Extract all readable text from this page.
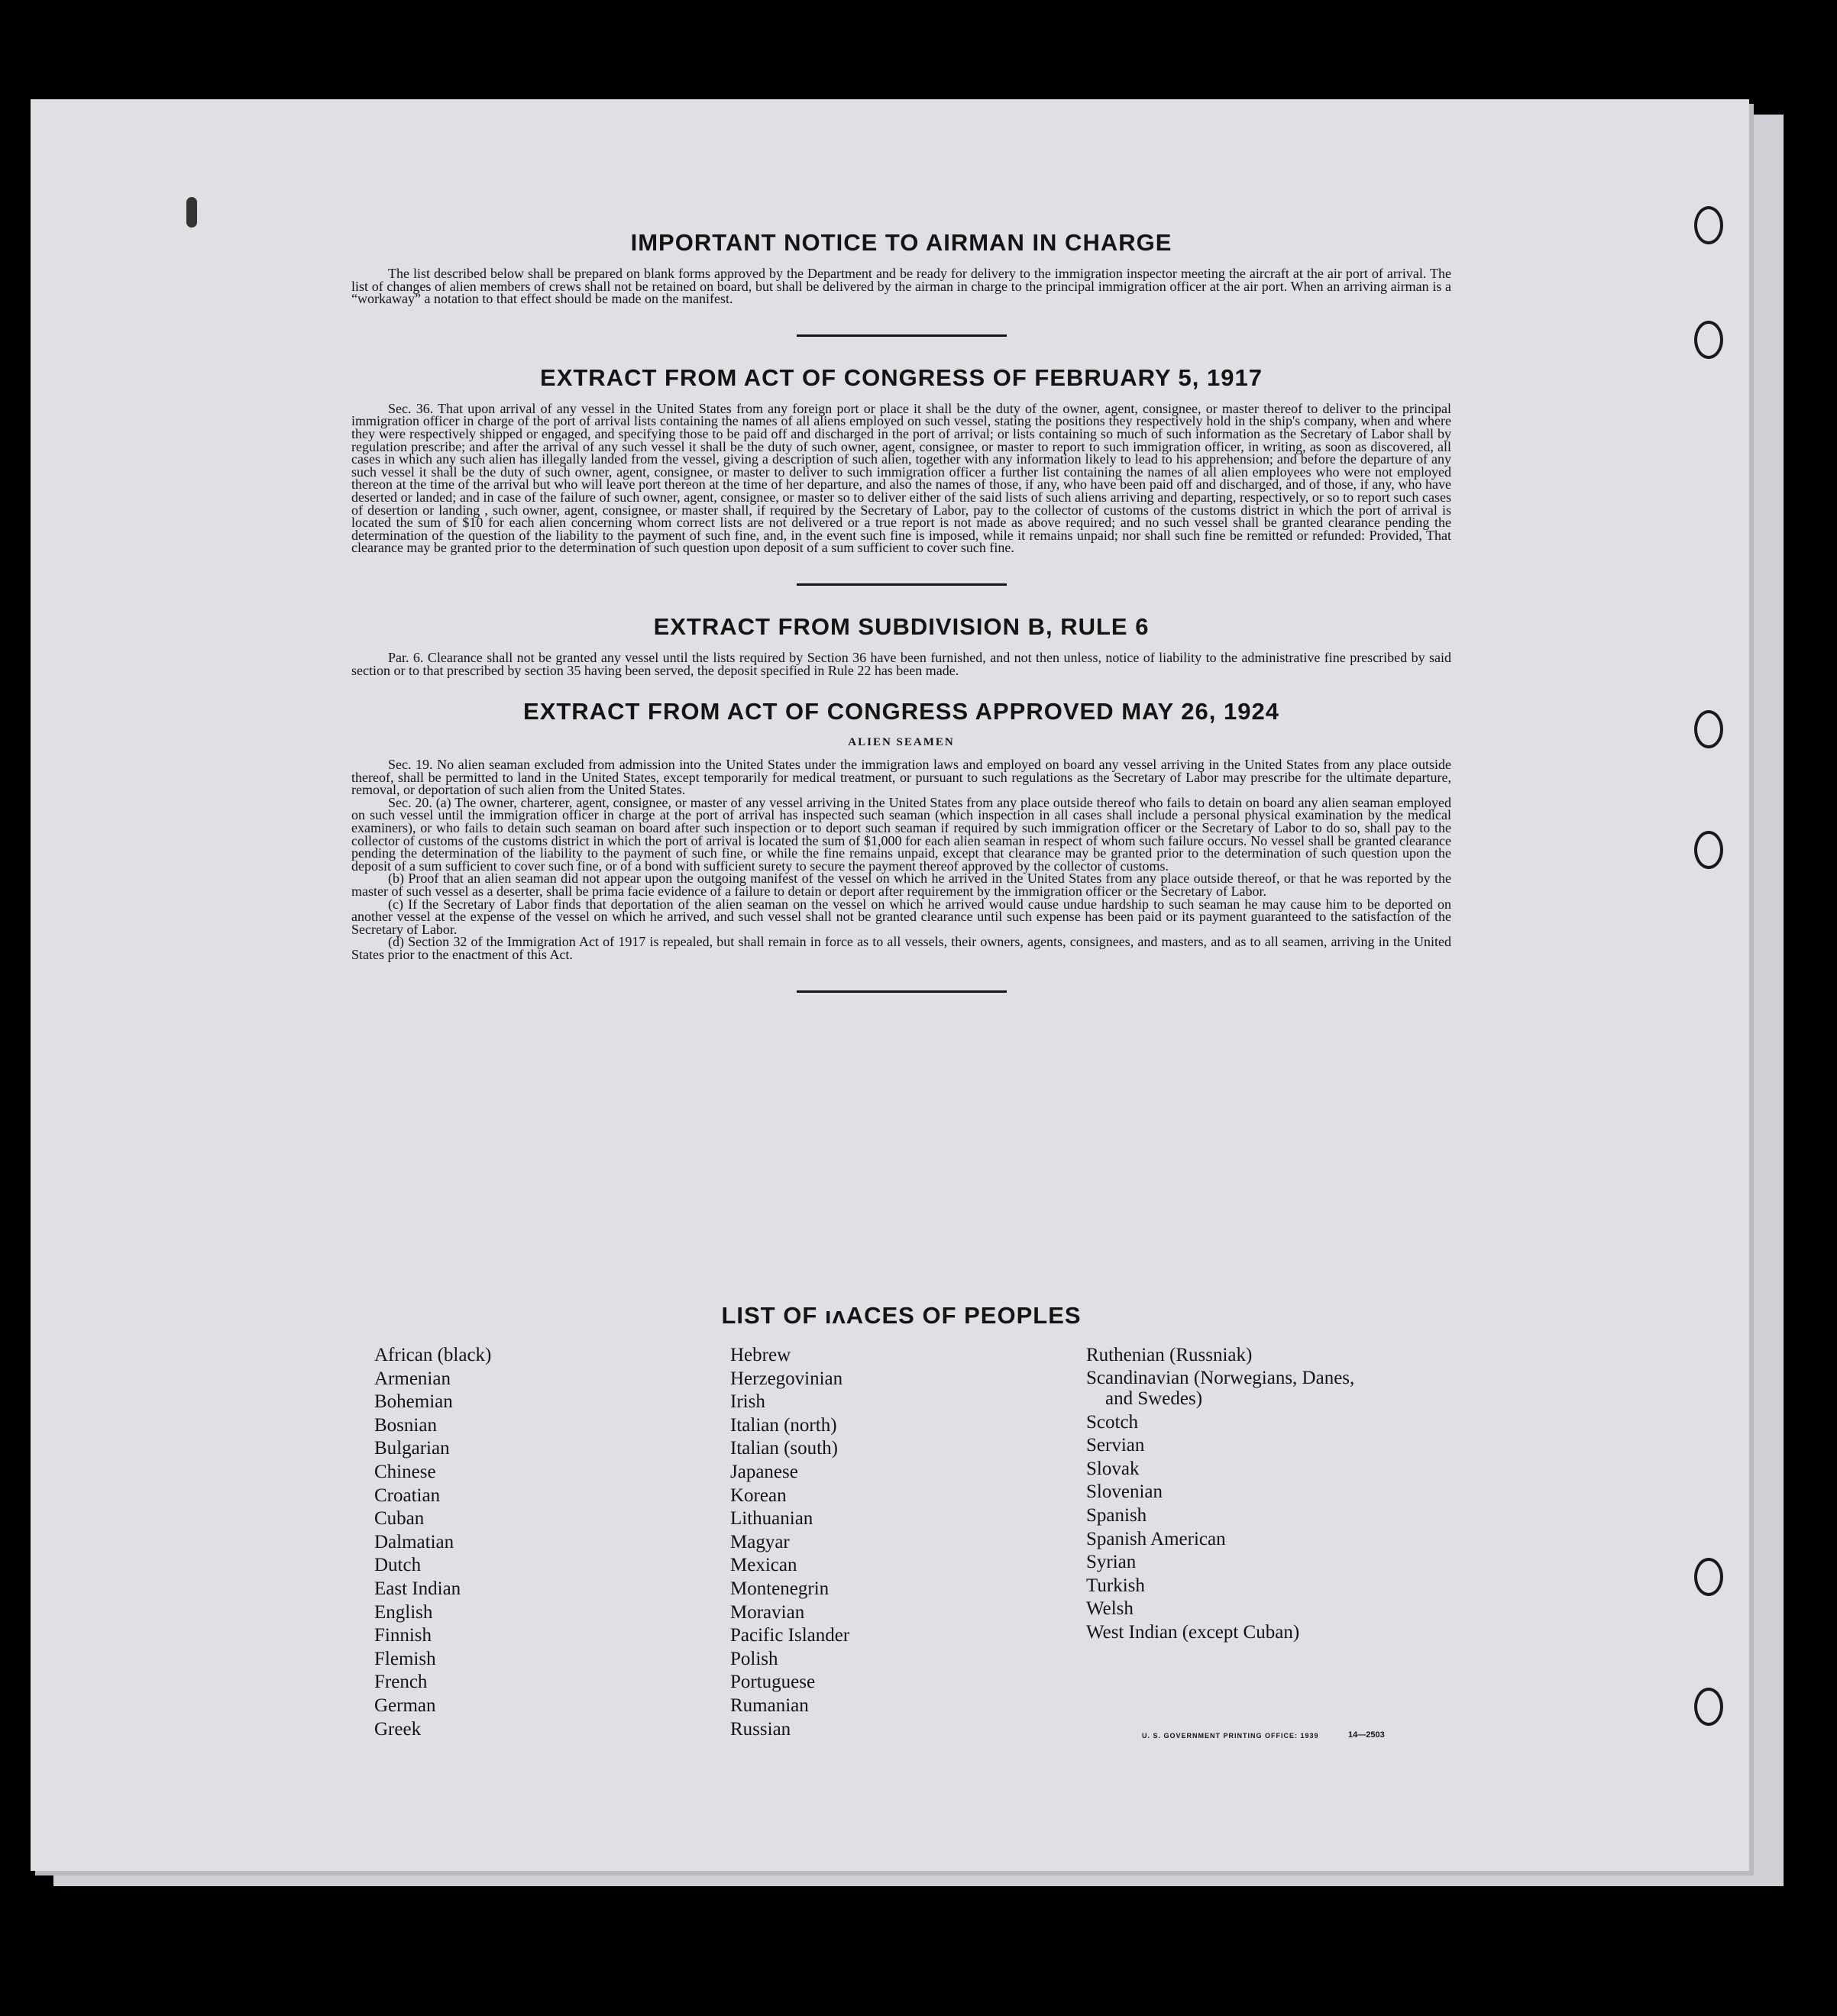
IMPORTANT NOTICE TO AIRMAN IN CHARGE

The list described below shall be prepared on blank forms approved by the Department and be ready for delivery to the immigration inspector meeting the aircraft at the air port of arrival. The list of changes of alien members of crews shall not be retained on board, but shall be delivered by the airman in charge to the principal immigration officer at the air port. When an arriving airman is a “workaway” a notation to that effect should be made on the manifest.

EXTRACT FROM ACT OF CONGRESS OF FEBRUARY 5, 1917

Sec. 36. That upon arrival of any vessel in the United States from any foreign port or place it shall be the duty of the owner, agent, consignee, or master thereof to deliver to the principal immigration officer in charge of the port of arrival lists containing the names of all aliens employed on such vessel, stating the positions they respectively hold in the ship's company, when and where they were respectively shipped or engaged, and specifying those to be paid off and discharged in the port of arrival; or lists containing so much of such information as the Secretary of Labor shall by regulation prescribe; and after the arrival of any such vessel it shall be the duty of such owner, agent, consignee, or master to report to such immigration officer, in writing, as soon as discovered, all cases in which any such alien has illegally landed from the vessel, giving a description of such alien, together with any information likely to lead to his apprehension; and before the departure of any such vessel it shall be the duty of such owner, agent, consignee, or master to deliver to such immigration officer a further list containing the names of all alien employees who were not employed thereon at the time of the arrival but who will leave port thereon at the time of her departure, and also the names of those, if any, who have been paid off and discharged, and of those, if any, who have deserted or landed; and in case of the failure of such owner, agent, consignee, or master so to deliver either of the said lists of such aliens arriving and departing, respectively, or so to report such cases of desertion or landing , such owner, agent, consignee, or master shall, if required by the Secretary of Labor, pay to the collector of customs of the customs district in which the port of arrival is located the sum of $10 for each alien concerning whom correct lists are not delivered or a true report is not made as above required; and no such vessel shall be granted clearance pending the determination of the question of the liability to the payment of such fine, and, in the event such fine is imposed, while it remains unpaid; nor shall such fine be remitted or refunded: Provided, That clearance may be granted prior to the determination of such question upon deposit of a sum sufficient to cover such fine.

EXTRACT FROM SUBDIVISION B, RULE 6

Par. 6. Clearance shall not be granted any vessel until the lists required by Section 36 have been furnished, and not then unless, notice of liability to the administrative fine prescribed by said section or to that prescribed by section 35 having been served, the deposit specified in Rule 22 has been made.

EXTRACT FROM ACT OF CONGRESS APPROVED MAY 26, 1924
ALIEN SEAMEN

Sec. 19. No alien seaman excluded from admission into the United States under the immigration laws and employed on board any vessel arriving in the United States from any place outside thereof, shall be permitted to land in the United States, except temporarily for medical treatment, or pursuant to such regulations as the Secretary of Labor may prescribe for the ultimate departure, removal, or deportation of such alien from the United States.

Sec. 20. (a) The owner, charterer, agent, consignee, or master of any vessel arriving in the United States from any place outside thereof who fails to detain on board any alien seaman employed on such vessel until the immigration officer in charge at the port of arrival has inspected such seaman (which inspection in all cases shall include a personal physical examination by the medical examiners), or who fails to detain such seaman on board after such inspection or to deport such seaman if required by such immigration officer or the Secretary of Labor to do so, shall pay to the collector of customs of the customs district in which the port of arrival is located the sum of $1,000 for each alien seaman in respect of whom such failure occurs. No vessel shall be granted clearance pending the determination of the liability to the payment of such fine, or while the fine remains unpaid, except that clearance may be granted prior to the determination of such question upon the deposit of a sum sufficient to cover such fine, or of a bond with sufficient surety to secure the payment thereof approved by the collector of customs.

(b) Proof that an alien seaman did not appear upon the outgoing manifest of the vessel on which he arrived in the United States from any place outside thereof, or that he was reported by the master of such vessel as a deserter, shall be prima facie evidence of a failure to detain or deport after requirement by the immigration officer or the Secretary of Labor.

(c) If the Secretary of Labor finds that deportation of the alien seaman on the vessel on which he arrived would cause undue hardship to such seaman he may cause him to be deported on another vessel at the expense of the vessel on which he arrived, and such vessel shall not be granted clearance until such expense has been paid or its payment guaranteed to the satisfaction of the Secretary of Labor.

(d) Section 32 of the Immigration Act of 1917 is repealed, but shall remain in force as to all vessels, their owners, agents, consignees, and masters, and as to all seamen, arriving in the United States prior to the enactment of this Act.

LIST OF ıʌACES OF PEOPLES
African (black)
Armenian
Bohemian
Bosnian
Bulgarian
Chinese
Croatian
Cuban
Dalmatian
Dutch
East Indian
English
Finnish
Flemish
French
German
Greek
Hebrew
Herzegovinian
Irish
Italian (north)
Italian (south)
Japanese
Korean
Lithuanian
Magyar
Mexican
Montenegrin
Moravian
Pacific Islander
Polish
Portuguese
Rumanian
Russian
Ruthenian (Russniak)
Scandinavian (Norwegians, Danes,
and Swedes)
Scotch
Servian
Slovak
Slovenian
Spanish
Spanish American
Syrian
Turkish
Welsh
West Indian (except Cuban)
U. S. GOVERNMENT PRINTING OFFICE: 1939	14—2503
